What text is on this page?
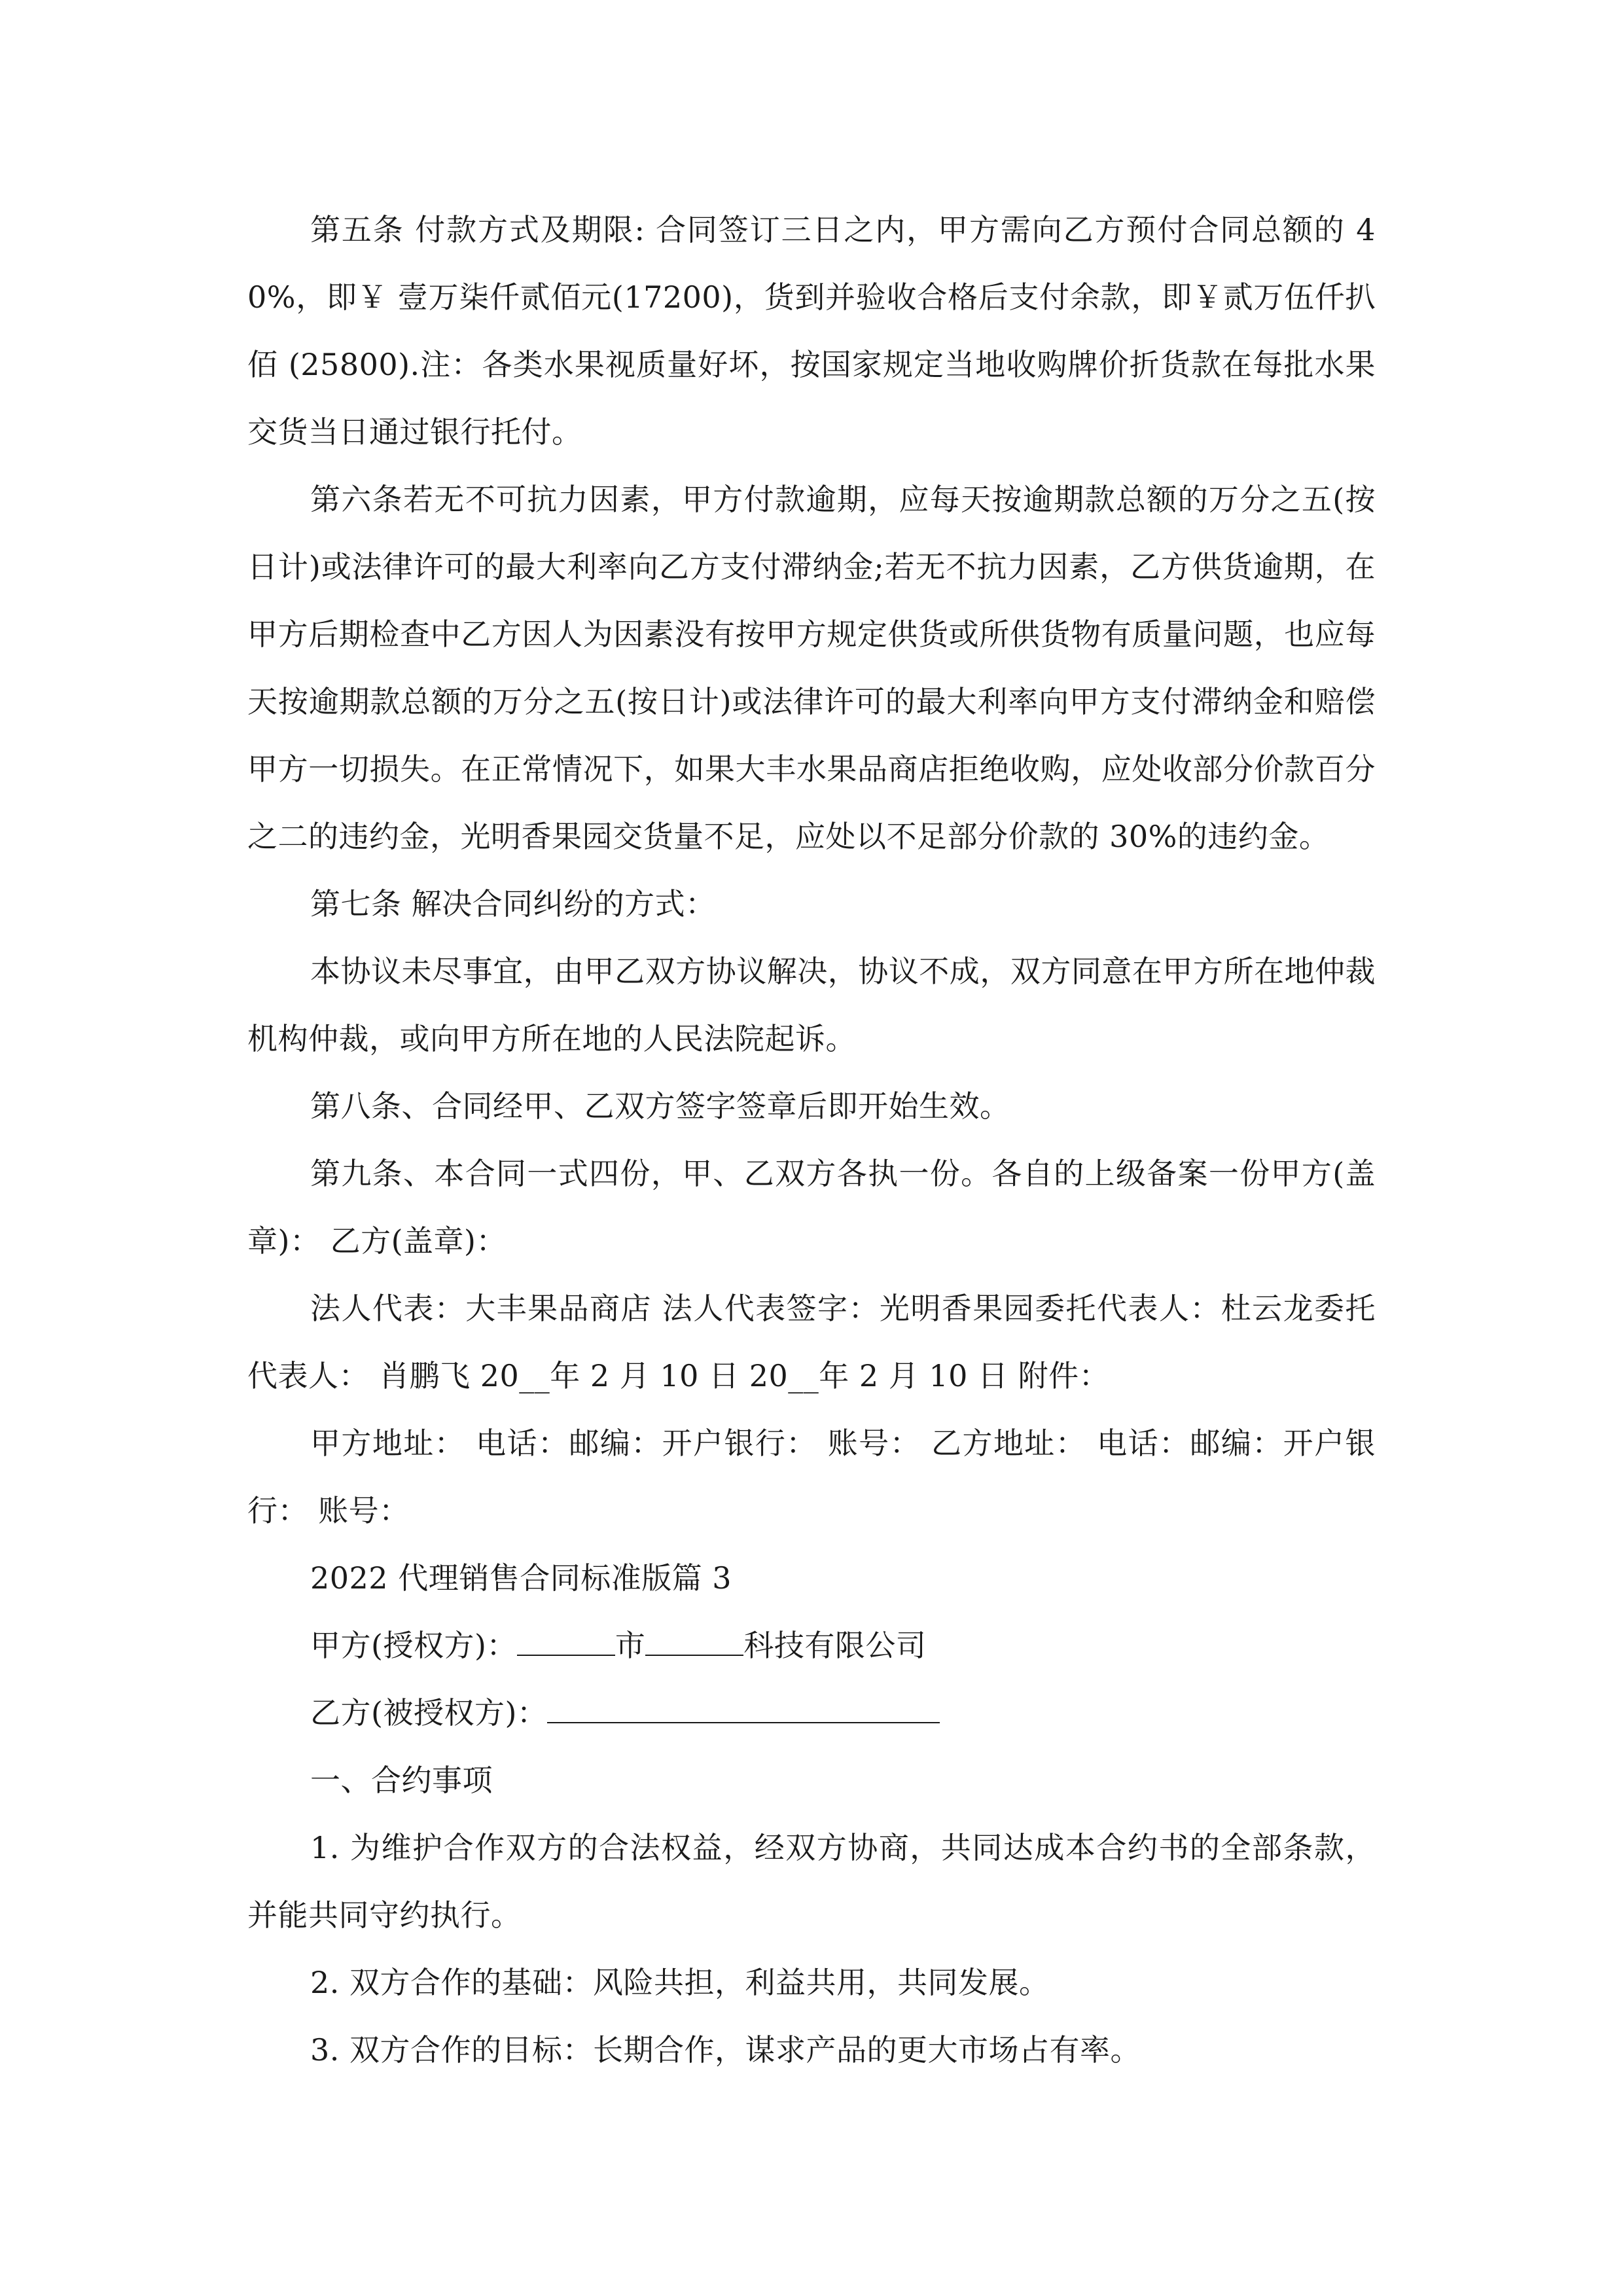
第五条 付款方式及期限: 合同签订三日之内，甲方需向乙方预付合同总额的 40%，即￥ 壹万柒仟贰佰元(17200)，货到并验收合格后支付余款，即￥贰万伍仟扒佰 (25800).注：各类水果视质量好坏，按国家规定当地收购牌价折货款在每批水果交货当日通过银行托付。

第六条若无不可抗力因素，甲方付款逾期，应每天按逾期款总额的万分之五(按日计)或法律许可的最大利率向乙方支付滞纳金;若无不抗力因素，乙方供货逾期，在甲方后期检查中乙方因人为因素没有按甲方规定供货或所供货物有质量问题，也应每天按逾期款总额的万分之五(按日计)或法律许可的最大利率向甲方支付滞纳金和赔偿甲方一切损失。在正常情况下，如果大丰水果品商店拒绝收购，应处收部分价款百分之二的违约金，光明香果园交货量不足，应处以不足部分价款的 30%的违约金。

第七条 解决合同纠纷的方式：

本协议未尽事宜，由甲乙双方协议解决，协议不成，双方同意在甲方所在地仲裁机构仲裁，或向甲方所在地的人民法院起诉。

第八条、合同经甲、乙双方签字签章后即开始生效。

第九条、本合同一式四份，甲、乙双方各执一份。各自的上级备案一份甲方(盖章)： 乙方(盖章)：

法人代表：大丰果品商店 法人代表签字：光明香果园委托代表人：杜云龙委托代表人： 肖鹏飞 20__年 2 月 10 日 20__年 2 月 10 日 附件：

甲方地址： 电话：邮编：开户银行： 账号： 乙方地址： 电话：邮编：开户银行： 账号：

2022 代理销售合同标准版篇 3

甲方(授权方)：	市	科技有限公司

乙方(被授权方)：

一、合约事项

1. 为维护合作双方的合法权益，经双方协商，共同达成本合约书的全部条款，并能共同守约执行。

2. 双方合作的基础：风险共担，利益共用，共同发展。

3. 双方合作的目标：长期合作，谋求产品的更大市场占有率。
